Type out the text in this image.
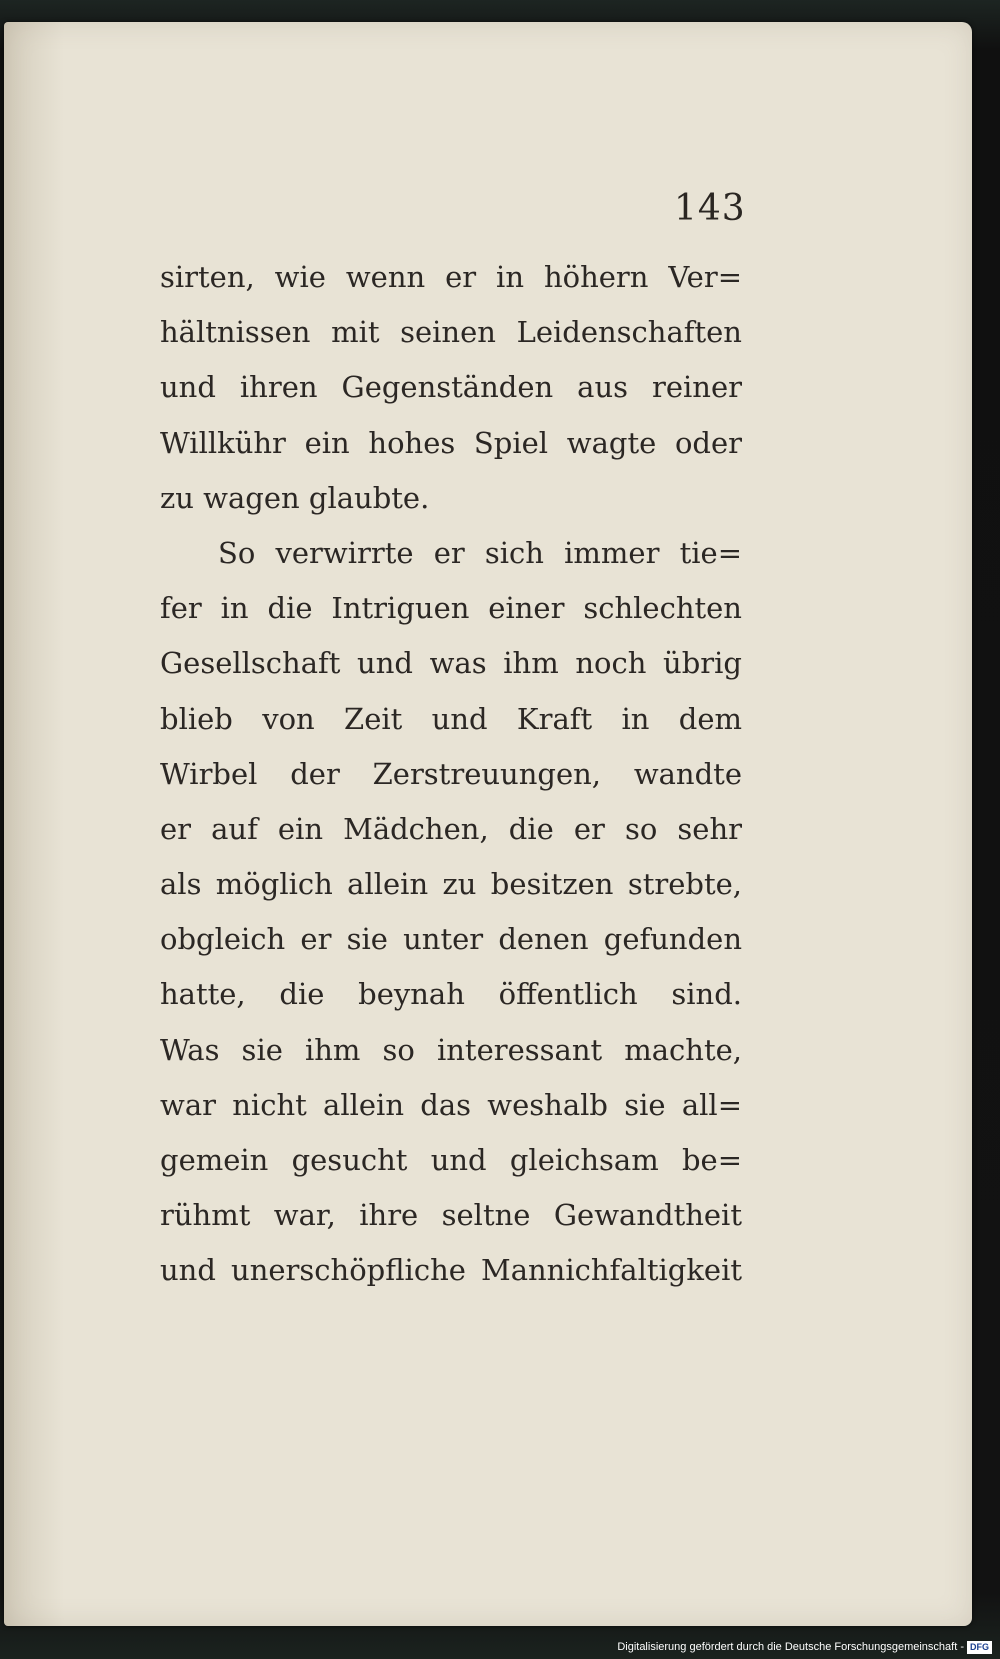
143
sirten, wie wenn er in höhern Ver=
hältnissen mit seinen Leidenschaften
und ihren Gegenständen aus reiner
Willkühr ein hohes Spiel wagte oder
zu wagen glaubte.
So verwirrte er sich immer tie=
fer in die Intriguen einer schlechten
Gesellschaft und was ihm noch übrig
blieb von Zeit und Kraft in dem
Wirbel der Zerstreuungen, wandte
er auf ein Mädchen, die er so sehr
als möglich allein zu besitzen strebte,
obgleich er sie unter denen gefunden
hatte, die beynah öffentlich sind.
Was sie ihm so interessant machte,
war nicht allein das weshalb sie all=
gemein gesucht und gleichsam be=
rühmt war, ihre seltne Gewandtheit
und unerschöpfliche Mannichfaltigkeit
Digitalisierung gefördert durch die Deutsche Forschungsgemeinschaft - DFG
